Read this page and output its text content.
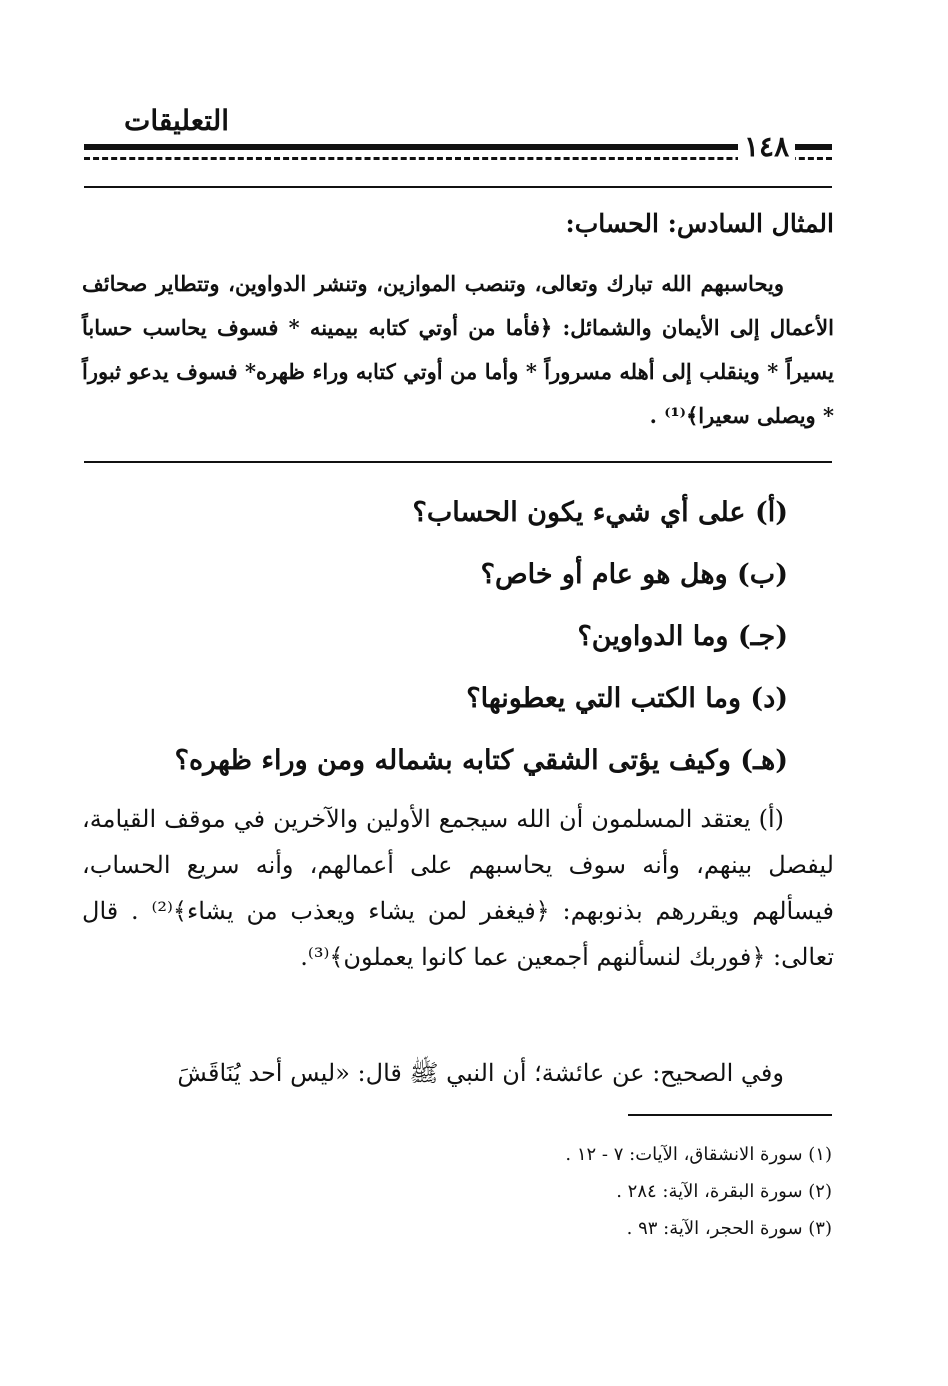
التعليقات
١٤٨
المثال السادس: الحساب:

ويحاسبهم الله تبارك وتعالى، وتنصب الموازين، وتنشر الدواوين، وتتطاير صحائف الأعمال إلى الأيمان والشمائل: ﴿فأما من أوتي كتابه بيمينه * فسوف يحاسب حساباً يسيراً * وينقلب إلى أهله مسروراً * وأما من أوتي كتابه وراء ظهره* فسوف يدعو ثبوراً * ويصلى سعيرا﴾⁽¹⁾ .

(أ) على أي شيء يكون الحساب؟

(ب) وهل هو عام أو خاص؟

(جـ) وما الدواوين؟

(د) وما الكتب التي يعطونها؟

(هـ) وكيف يؤتى الشقي كتابه بشماله ومن وراء ظهره؟

(أ) يعتقد المسلمون أن الله سيجمع الأولين والآخرين في موقف القيامة، ليفصل بينهم، وأنه سوف يحاسبهم على أعمالهم، وأنه سريع الحساب، فيسألهم ويقررهم بذنوبهم: ﴿فيغفر لمن يشاء ويعذب من يشاء﴾⁽²⁾ . قال تعالى: ﴿فوربك لنسألنهم أجمعين عما كانوا يعملون﴾⁽³⁾.

وفي الصحيح: عن عائشة؛ أن النبي ﷺ قال: «ليس أحد يُنَاقَشَ

(١) سورة الانشقاق، الآيات: ٧ - ١٢ .

(٢) سورة البقرة، الآية: ٢٨٤ .

(٣) سورة الحجر، الآية: ٩٣ .
